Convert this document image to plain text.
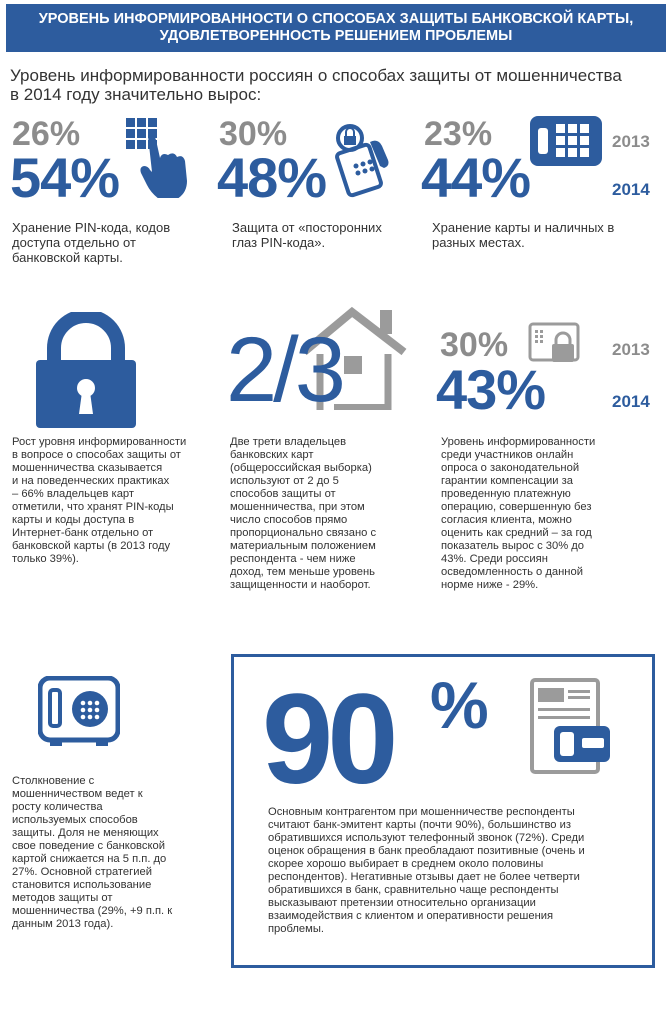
УРОВЕНЬ ИНФОРМИРОВАННОСТИ О СПОСОБАХ ЗАЩИТЫ БАНКОВСКОЙ КАРТЫ,
УДОВЛЕТВОРЕННОСТЬ РЕШЕНИЕМ ПРОБЛЕМЫ
Уровень информированности россиян о способах защиты от мошенничества
в 2014 году значительно вырос:
26%
54%
Хранение PIN-кода, кодов
доступа отдельно от
банковской карты.
30%
48%
Защита от «посторонних
глаз PIN-кода».
23%
44%
2013
2014
Хранение карты и наличных в
разных местах.
Рост уровня информированности
в вопросе о способах защиты от
мошенничества сказывается
и на поведенческих практиках
– 66% владельцев карт
отметили, что хранят PIN-коды
карты и коды доступа в
Интернет-банк отдельно от
банковской карты (в 2013 году
только 39%).
2/3
Две трети владельцев
банковских карт
(общероссийская выборка)
используют от 2 до 5
способов защиты от
мошенничества, при этом
число способов прямо
пропорционально связано с
материальным положением
респондента - чем ниже
доход, тем меньше уровень
защищенности и наоборот.
30%
43%
2013
2014
Уровень информированности
среди участников онлайн
опроса о законодательной
гарантии компенсации за
проведенную платежную
операцию, совершенную без
согласия клиента, можно
оценить как средний – за год
показатель вырос с 30% до
43%. Среди россиян
осведомленность о данной
норме ниже - 29%.
Столкновение с
мошенничеством ведет к
росту количества
используемых способов
защиты. Доля не меняющих
свое поведение с банковской
картой снижается на 5 п.п. до
27%. Основной стратегией
становится использование
методов защиты от
мошенничества (29%, +9 п.п. к
данным 2013 года).
90 %
Основным контрагентом при мошенничестве респонденты
считают банк-эмитент карты (почти 90%), большинство из
обратившихся используют телефонный звонок (72%). Среди
оценок обращения в банк преобладают позитивные (очень и
скорее хорошо выбирает в среднем около половины
респондентов). Негативные отзывы дает не более четверти
обратившихся в банк, сравнительно чаще респонденты
высказывают претензии относительно организации
взаимодействия с клиентом и оперативности решения
проблемы.
